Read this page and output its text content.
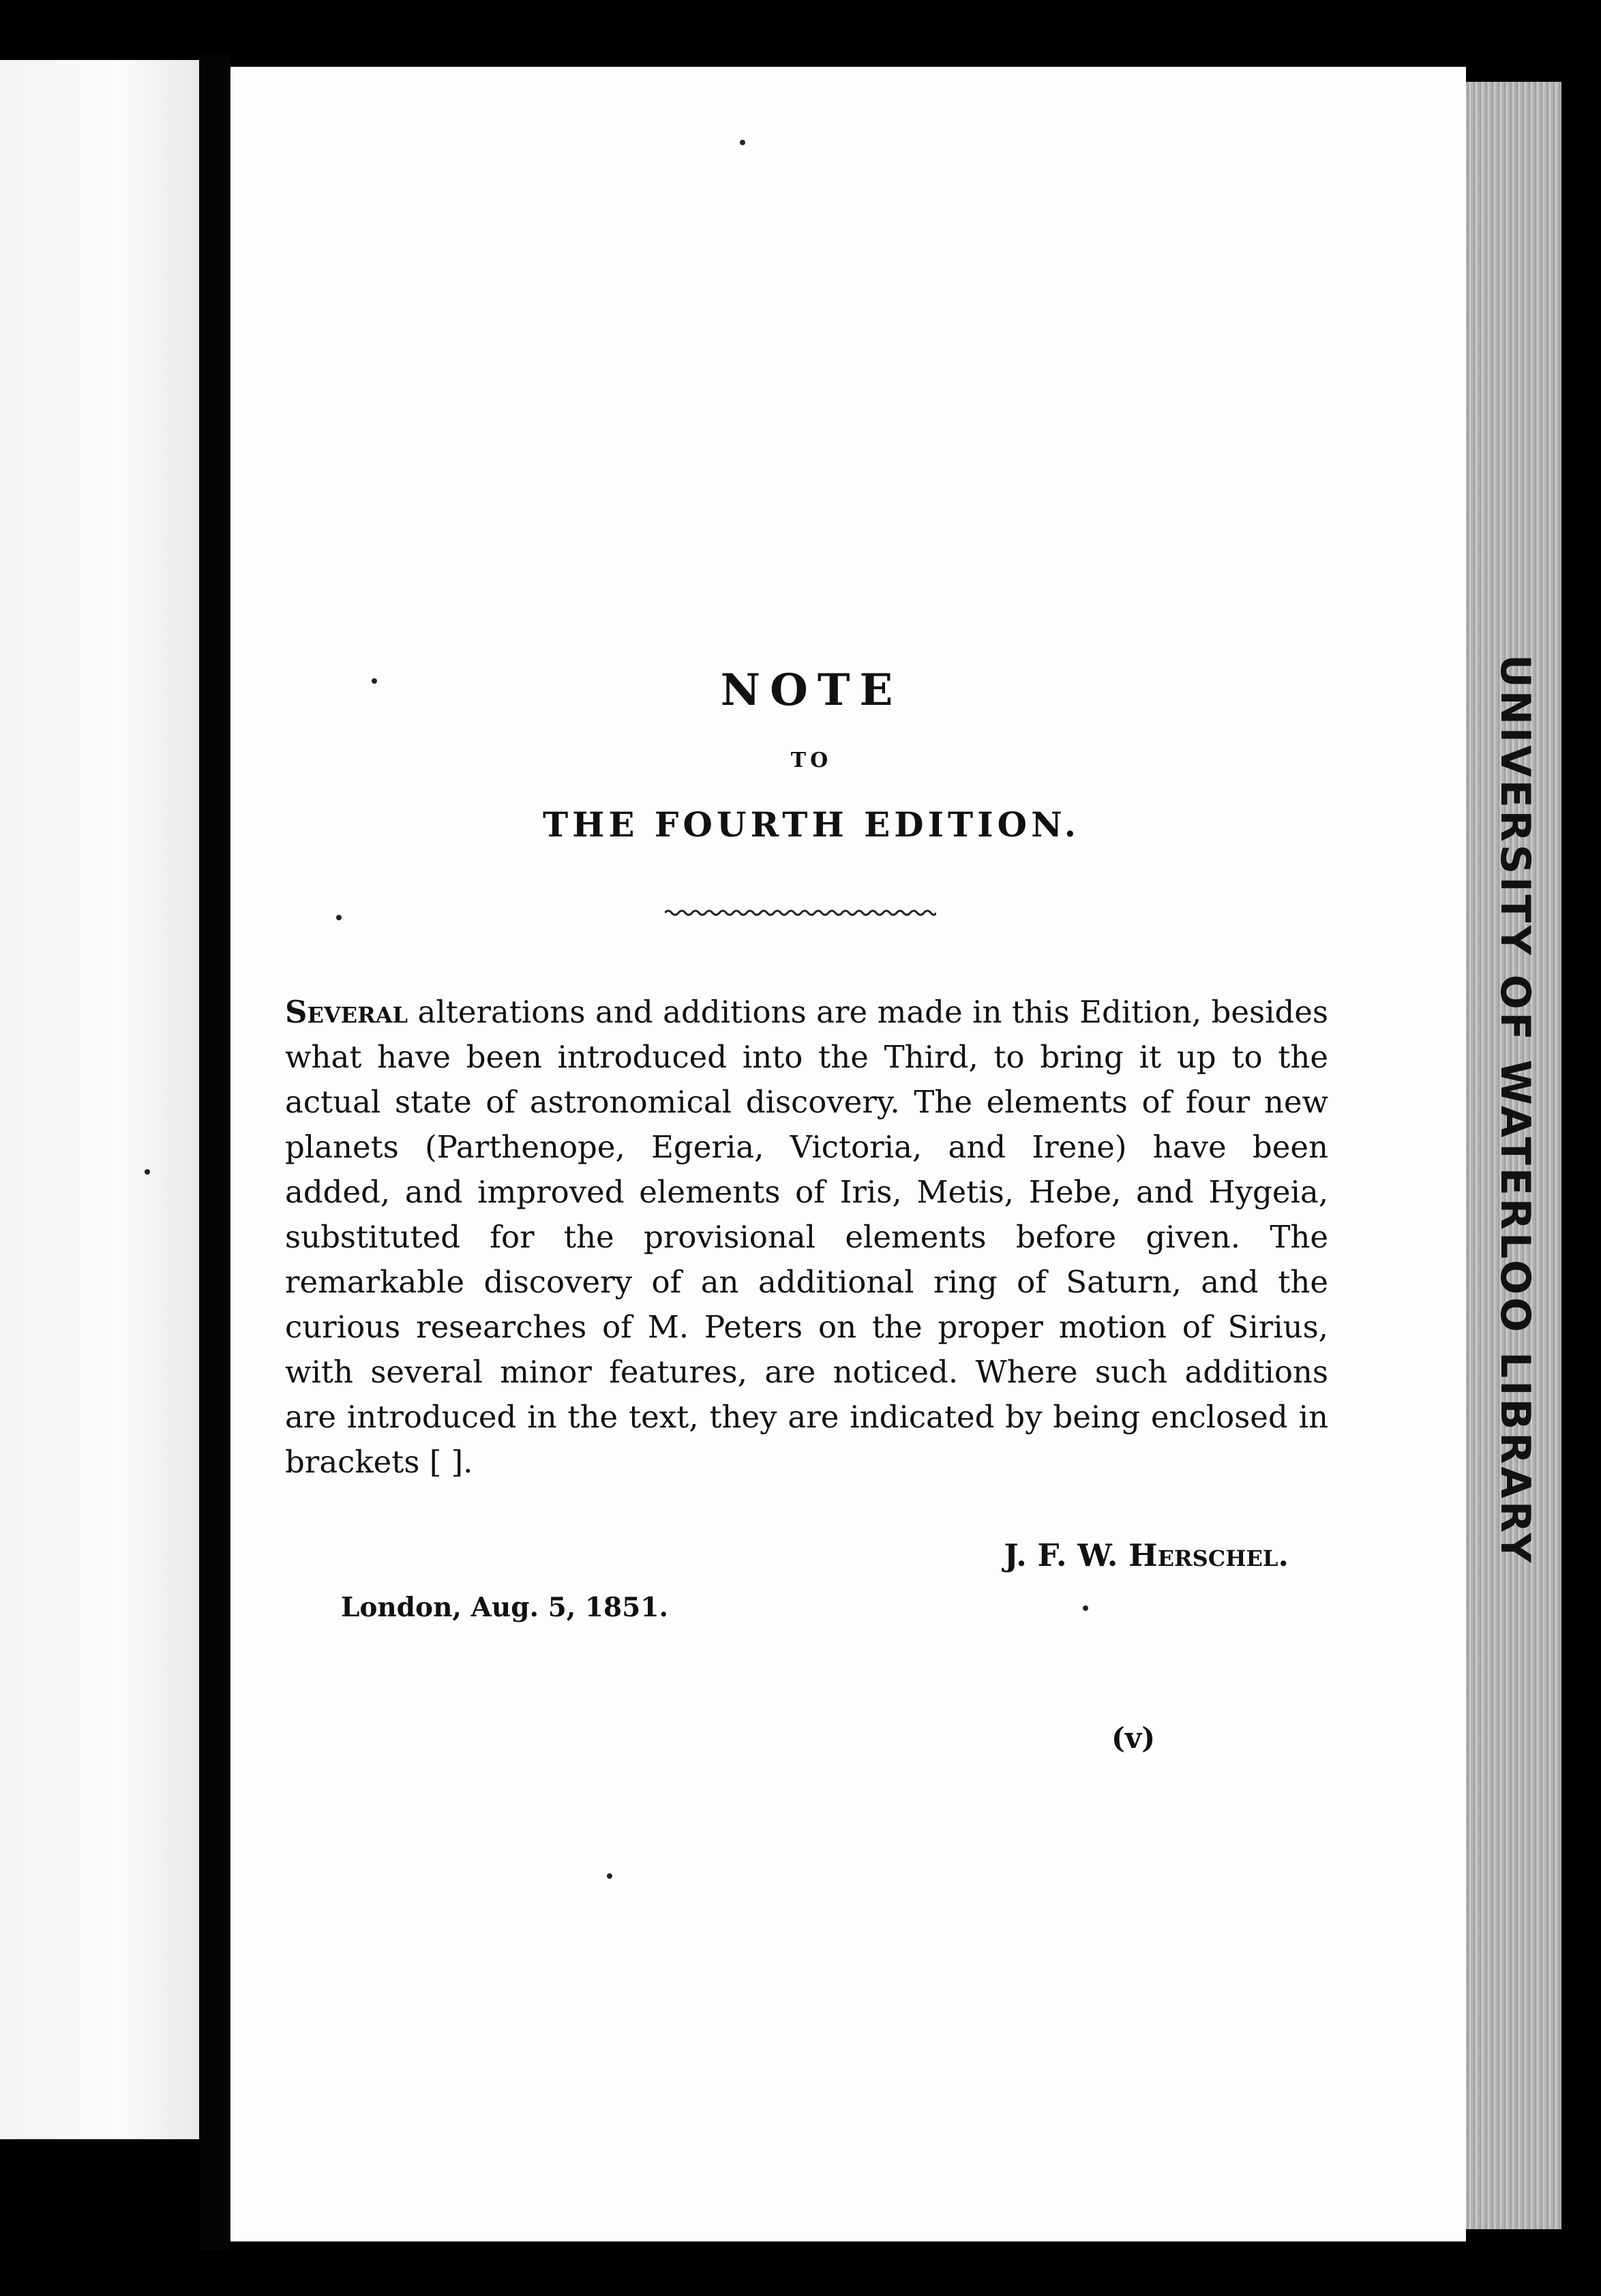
UNIVERSITY OF WATERLOO LIBRARY
NOTE
TO
THE FOURTH EDITION.
Several alterations and additions are made in this Edition, besides what have been introduced into the Third, to bring it up to the actual state of astronomical discovery. The elements of four new planets (Parthenope, Egeria, Victoria, and Irene) have been added, and improved elements of Iris, Metis, Hebe, and Hygeia, substituted for the provisional elements before given. The remarkable discovery of an additional ring of Saturn, and the curious researches of M. Peters on the proper motion of Sirius, with several minor features, are noticed. Where such additions are introduced in the text, they are indicated by being enclosed in brackets [ ].
J. F. W. Herschel.
London, Aug. 5, 1851.
(v)
